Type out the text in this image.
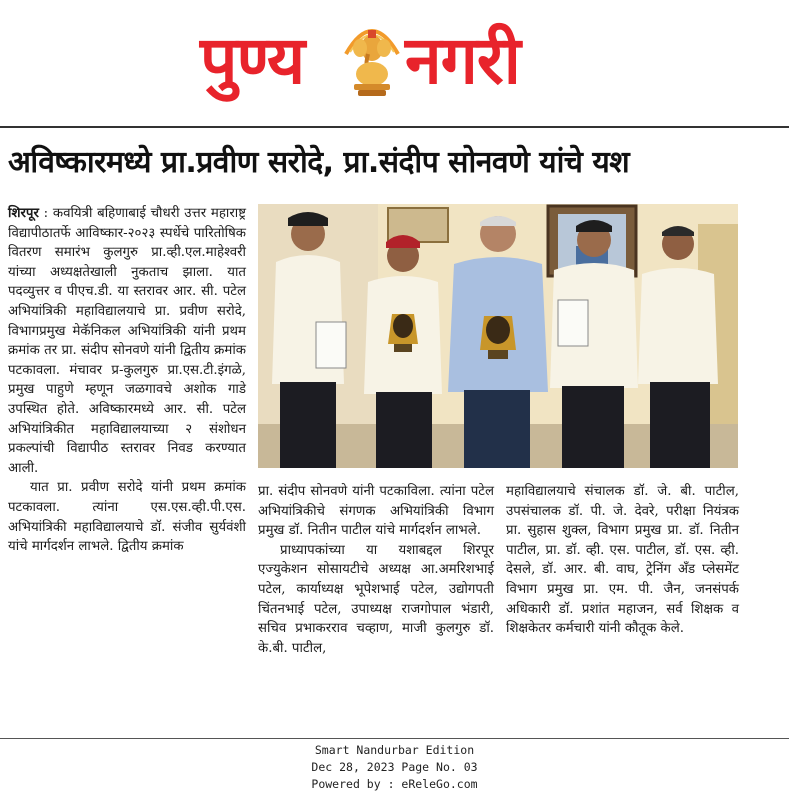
पुण्य नगरी
अविष्कारमध्ये प्रा.प्रवीण सरोदे, प्रा.संदीप सोनवणे यांचे यश

शिरपूर : कवयित्री बहिणाबाई चौधरी उत्तर महाराष्ट्र विद्यापीठातर्फे आविष्कार-२०२३ स्पर्धेचे पारितोषिक वितरण समारंभ कुलगुरु प्रा.व्ही.एल.माहेश्वरी यांच्या अध्यक्षतेखाली नुकताच झाला. यात पदव्युत्तर व पीएच.डी. या स्तरावर आर. सी. पटेल अभियांत्रिकी महाविद्यालयाचे प्रा. प्रवीण सरोदे, विभागप्रमुख मेकॅनिकल अभियांत्रिकी यांनी प्रथम क्रमांक तर प्रा. संदीप सोनवणे यांनी द्वितीय क्रमांक पटकावला. मंचावर प्र-कुलगुरु प्रा.एस.टी.इंगळे, प्रमुख पाहुणे म्हणून जळगावचे अशोक गाडे उपस्थित होते. अविष्कारमध्ये आर. सी. पटेल अभियांत्रिकीत महाविद्यालयाच्या २ संशोधन प्रकल्पांची विद्यापीठ स्तरावर निवड करण्यात आली.

यात प्रा. प्रवीण सरोदे यांनी प्रथम क्रमांक पटकावला. त्यांना एस.एस.व्ही.पी.एस. अभियांत्रिकी महाविद्यालयाचे डॉ. संजीव सुर्यवंशी यांचे मार्गदर्शन लाभले. द्वितीय क्रमांक

प्रा. संदीप सोनवणे यांनी पटकाविला. त्यांना पटेल अभियांत्रिकीचे संगणक अभियांत्रिकी विभाग प्रमुख डॉ. नितीन पाटील यांचे मार्गदर्शन लाभले.

प्राध्यापकांच्या या यशाबद्दल शिरपूर एज्युकेशन सोसायटीचे अध्यक्ष आ.अमरिशभाई पटेल, कार्याध्यक्ष भूपेशभाई पटेल, उद्योगपती चिंतनभाई पटेल, उपाध्यक्ष राजगोपाल भंडारी, सचिव प्रभाकरराव चव्हाण, माजी कुलगुरु डॉ. के.बी. पाटील,

महाविद्यालयाचे संचालक डॉ. जे. बी. पाटील, उपसंचालक डॉ. पी. जे. देवरे, परीक्षा नियंत्रक प्रा. सुहास शुक्ल, विभाग प्रमुख प्रा. डॉ. नितीन पाटील, प्रा. डॉ. व्ही. एस. पाटील, डॉ. एस. व्ही. देसले, डॉ. आर. बी. वाघ, ट्रेनिंग अँड प्लेसमेंट विभाग प्रमुख प्रा. एम. पी. जैन, जनसंपर्क अधिकारी डॉ. प्रशांत महाजन, सर्व शिक्षक व शिक्षकेतर कर्मचारी यांनी कौतूक केले.

Smart Nandurbar Edition
Dec 28, 2023 Page No. 03
Powered by : eReleGo.com
